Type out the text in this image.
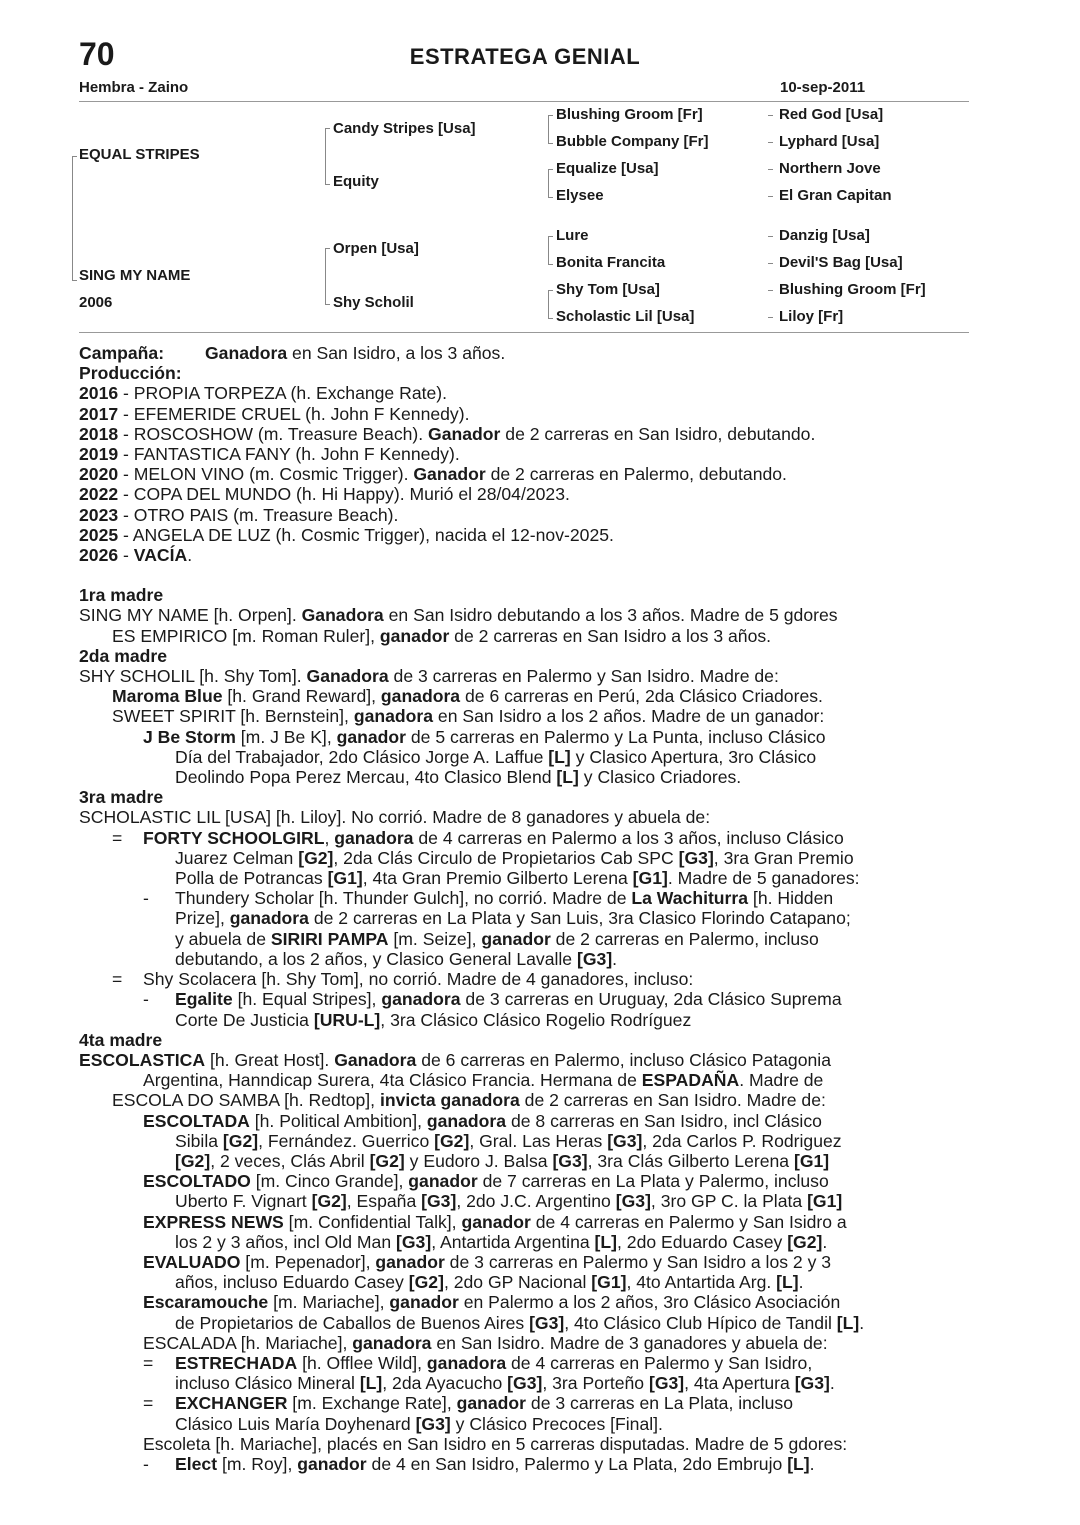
70	ESTRATEGA GENIAL
Hembra - Zaino	10-sep-2011
EQUAL STRIPES
SING MY NAME
2006
Candy Stripes [Usa]
Equity
Orpen [Usa]
Shy Scholil
Blushing Groom [Fr]
Bubble Company [Fr]
Equalize [Usa]
Elysee
Lure
Bonita Francita
Shy Tom [Usa]
Scholastic Lil [Usa]
Red God [Usa]
Lyphard [Usa]
Northern Jove
El Gran Capitan
Danzig [Usa]
Devil'S Bag [Usa]
Blushing Groom [Fr]
Liloy [Fr]
Campaña: Ganadora en San Isidro, a los 3 años.
Producción:
2016 - PROPIA TORPEZA (h. Exchange Rate).
2017 - EFEMERIDE CRUEL (h. John F Kennedy).
2018 - ROSCOSHOW (m. Treasure Beach). Ganador de 2 carreras en San Isidro, debutando.
2019 - FANTASTICA FANY (h. John F Kennedy).
2020 - MELON VINO (m. Cosmic Trigger). Ganador de 2 carreras en Palermo, debutando.
2022 - COPA DEL MUNDO (h. Hi Happy). Murió el 28/04/2023.
2023 - OTRO PAIS (m. Treasure Beach).
2025 - ANGELA DE LUZ (h. Cosmic Trigger), nacida el 12-nov-2025.
2026 - VACÍA.
1ra madre
SING MY NAME [h. Orpen]. Ganadora en San Isidro debutando a los 3 años. Madre de 5 gdores
ES EMPIRICO [m. Roman Ruler], ganador de 2 carreras en San Isidro a los 3 años.
2da madre
SHY SCHOLIL [h. Shy Tom]. Ganadora de 3 carreras en Palermo y San Isidro. Madre de:
Maroma Blue [h. Grand Reward], ganadora de 6 carreras en Perú, 2da Clásico Criadores.
SWEET SPIRIT [h. Bernstein], ganadora en San Isidro a los 2 años. Madre de un ganador:
J Be Storm [m. J Be K], ganador de 5 carreras en Palermo y La Punta, incluso Clásico
Día del Trabajador, 2do Clásico Jorge A. Laffue [L] y Clasico Apertura, 3ro Clásico
Deolindo Popa Perez Mercau, 4to Clasico Blend [L] y Clasico Criadores.
3ra madre
SCHOLASTIC LIL [USA] [h. Liloy]. No corrió. Madre de 8 ganadores y abuela de:
= FORTY SCHOOLGIRL, ganadora de 4 carreras en Palermo a los 3 años, incluso Clásico
Juarez Celman [G2], 2da Clás Circulo de Propietarios Cab SPC [G3], 3ra Gran Premio
Polla de Potrancas [G1], 4ta Gran Premio Gilberto Lerena [G1]. Madre de 5 ganadores:
- Thundery Scholar [h. Thunder Gulch], no corrió. Madre de La Wachiturra [h. Hidden
Prize], ganadora de 2 carreras en La Plata y San Luis, 3ra Clasico Florindo Catapano;
y abuela de SIRIRI PAMPA [m. Seize], ganador de 2 carreras en Palermo, incluso
debutando, a los 2 años, y Clasico General Lavalle [G3].
= Shy Scolacera [h. Shy Tom], no corrió. Madre de 4 ganadores, incluso:
- Egalite [h. Equal Stripes], ganadora de 3 carreras en Uruguay, 2da Clásico Suprema
Corte De Justicia [URU-L], 3ra Clásico Clásico Rogelio Rodríguez
4ta madre
ESCOLASTICA [h. Great Host]. Ganadora de 6 carreras en Palermo, incluso Clásico Patagonia
Argentina, Hanndicap Surera, 4ta Clásico Francia. Hermana de ESPADAÑA. Madre de
ESCOLA DO SAMBA [h. Redtop], invicta ganadora de 2 carreras en San Isidro. Madre de:
ESCOLTADA [h. Political Ambition], ganadora de 8 carreras en San Isidro, incl Clásico
Sibila [G2], Fernández. Guerrico [G2], Gral. Las Heras [G3], 2da Carlos P. Rodriguez
[G2], 2 veces, Clás Abril [G2] y Eudoro J. Balsa [G3], 3ra Clás Gilberto Lerena [G1]
ESCOLTADO [m. Cinco Grande], ganador de 7 carreras en La Plata y Palermo, incluso
Uberto F. Vignart [G2], España [G3], 2do J.C. Argentino [G3], 3ro GP C. la Plata [G1]
EXPRESS NEWS [m. Confidential Talk], ganador de 4 carreras en Palermo y San Isidro a
los 2 y 3 años, incl Old Man [G3], Antartida Argentina [L], 2do Eduardo Casey [G2].
EVALUADO [m. Pepenador], ganador de 3 carreras en Palermo y San Isidro a los 2 y 3
años, incluso Eduardo Casey [G2], 2do GP Nacional [G1], 4to Antartida Arg. [L].
Escaramouche [m. Mariache], ganador en Palermo a los 2 años, 3ro Clásico Asociación
de Propietarios de Caballos de Buenos Aires [G3], 4to Clásico Club Hípico de Tandil [L].
ESCALADA [h. Mariache], ganadora en San Isidro. Madre de 3 ganadores y abuela de:
= ESTRECHADA [h. Offlee Wild], ganadora de 4 carreras en Palermo y San Isidro,
incluso Clásico Mineral [L], 2da Ayacucho [G3], 3ra Porteño [G3], 4ta Apertura [G3].
= EXCHANGER [m. Exchange Rate], ganador de 3 carreras en La Plata, incluso
Clásico Luis María Doyhenard [G3] y Clásico Precoces [Final].
Escoleta [h. Mariache], placés en San Isidro en 5 carreras disputadas. Madre de 5 gdores:
- Elect [m. Roy], ganador de 4 en San Isidro, Palermo y La Plata, 2do Embrujo [L].
